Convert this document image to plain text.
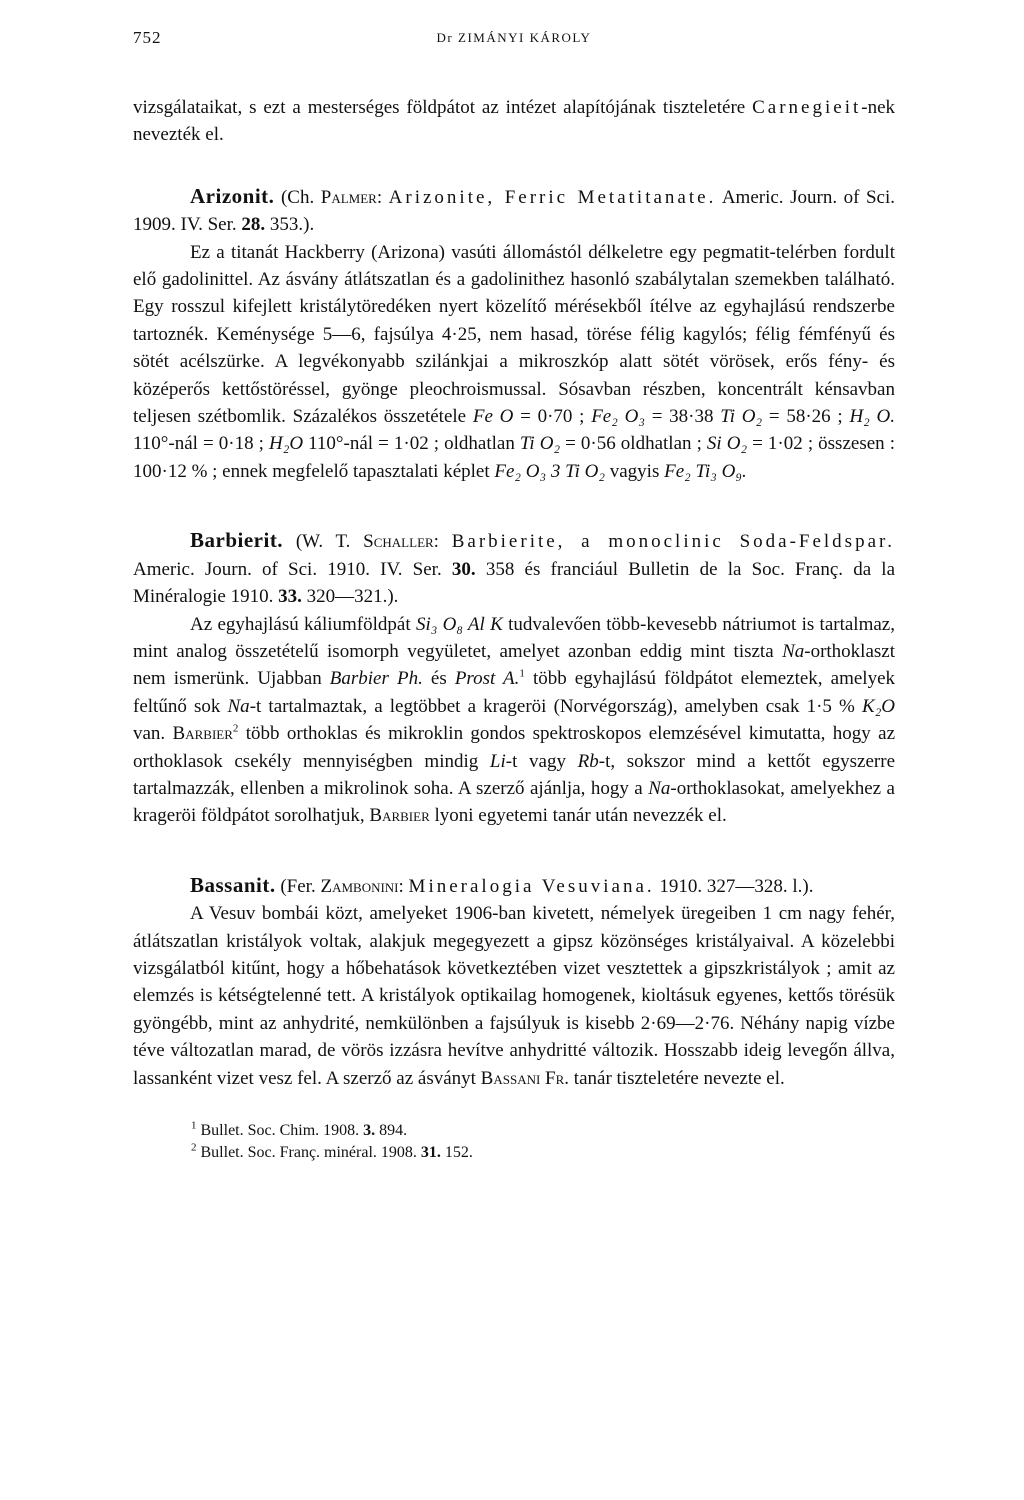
752	Dr ZIMÁNYI KÁROLY

vizsgálataikat, s ezt a mesterséges földpátot az intézet alapítójának tiszteletére Carnegieit-nek nevezték el.

Arizonit. (Ch. Palmer: Arizonite, Ferric Metatitanate. Americ. Journ. of Sci. 1909. IV. Ser. 28. 353.).

Ez a titanát Hackberry (Arizona) vasúti állomástól délkeletre egy pegmatit-telérben fordult elő gadolinittel. Az ásvány átlátszatlan és a gadolinithez hasonló szabálytalan szemekben található. Egy rosszul kifejlett kristálytöredéken nyert közelítő mérésekből ítélve az egyhajlású rendszerbe tartoznék. Keménysége 5—6, fajsúlya 4·25, nem hasad, törése félig kagylós; félig fémfényű és sötét acélszürke. A legvékonyabb szilánkjai a mikroszkóp alatt sötét vörösek, erős fény- és középerős kettőstöréssel, gyönge pleochroismussal. Sósavban részben, koncentrált kénsavban teljesen szétbomlik. Százalékos összetétele Fe O = 0·70 ; Fe₂ O₃ = 38·38 Ti O₂ = 58·26 ; H₂ O. 110°-nál = 0·18 ; H₂O 110°-nál = 1·02 ; oldhatlan Ti O₂ = 0·56 oldhatlan ; Si O₂ = 1·02 ; összesen : 100·12 % ; ennek megfelelő tapasztalati képlet Fe₂ O₃ 3 Ti O₂ vagyis Fe₂ Ti₃ O₉.

Barbierit. (W. T. Schaller: Barbierite, a monoclinic Soda-Feldspar. Americ. Journ. of Sci. 1910. IV. Ser. 30. 358 és franciául Bulletin de la Soc. Franç. da la Minéralogie 1910. 33. 320—321.).

Az egyhajlású káliumföldpát Si₃ O₈ Al K tudvalevően több-kevesebb nátriumot is tartalmaz, mint analog összetételű isomorph vegyületet, amelyet azonban eddig mint tiszta Na-orthoklaszt nem ismerünk. Ujabban Barbier Ph. és Prost A.$^1$ több egyhajlású földpátot elemeztek, amelyek feltűnő sok Na-t tartalmaztak, a legtöbbet a krageröi (Norvégország), amelyben csak 1·5 % K₂O van. Barbier$^2$ több orthoklas és mikroklin gondos spektroskopos elemzésével kimutatta, hogy az orthoklasok csekély mennyiségben mindig Li-t vagy Rb-t, sokszor mind a kettőt egyszerre tartalmazzák, ellenben a mikrolinok soha. A szerző ajánlja, hogy a Na-orthoklasokat, amelyekhez a krageröi földpátot sorolhatjuk, Barbier lyoni egyetemi tanár után nevezzék el.

Bassanit. (Fer. Zambonini: Mineralogia Vesuviana. 1910. 327—328. l.).

A Vesuv bombái közt, amelyeket 1906-ban kivetett, némelyek üregeiben 1 cm nagy fehér, átlátszatlan kristályok voltak, alakjuk megegyezett a gipsz közönséges kristályaival. A közelebbi vizsgálatból kitűnt, hogy a hőbehatások következtében vizet vesztettek a gipszkristályok ; amit az elemzés is kétségtelenné tett. A kristályok optikailag homogenek, kioltásuk egyenes, kettős törésük gyöngébb, mint az anhydrité, nemkülönben a fajsúlyuk is kisebb 2·69—2·76. Néhány napig vízbe téve változatlan marad, de vörös izzásra hevítve anhydritté változik. Hosszabb ideig levegőn állva, lassanként vizet vesz fel. A szerző az ásványt Bassani Fr. tanár tiszteletére nevezte el.

$^1$ Bullet. Soc. Chim. 1908. 3. 894.
$^2$ Bullet. Soc. Franç. minéral. 1908. 31. 152.
